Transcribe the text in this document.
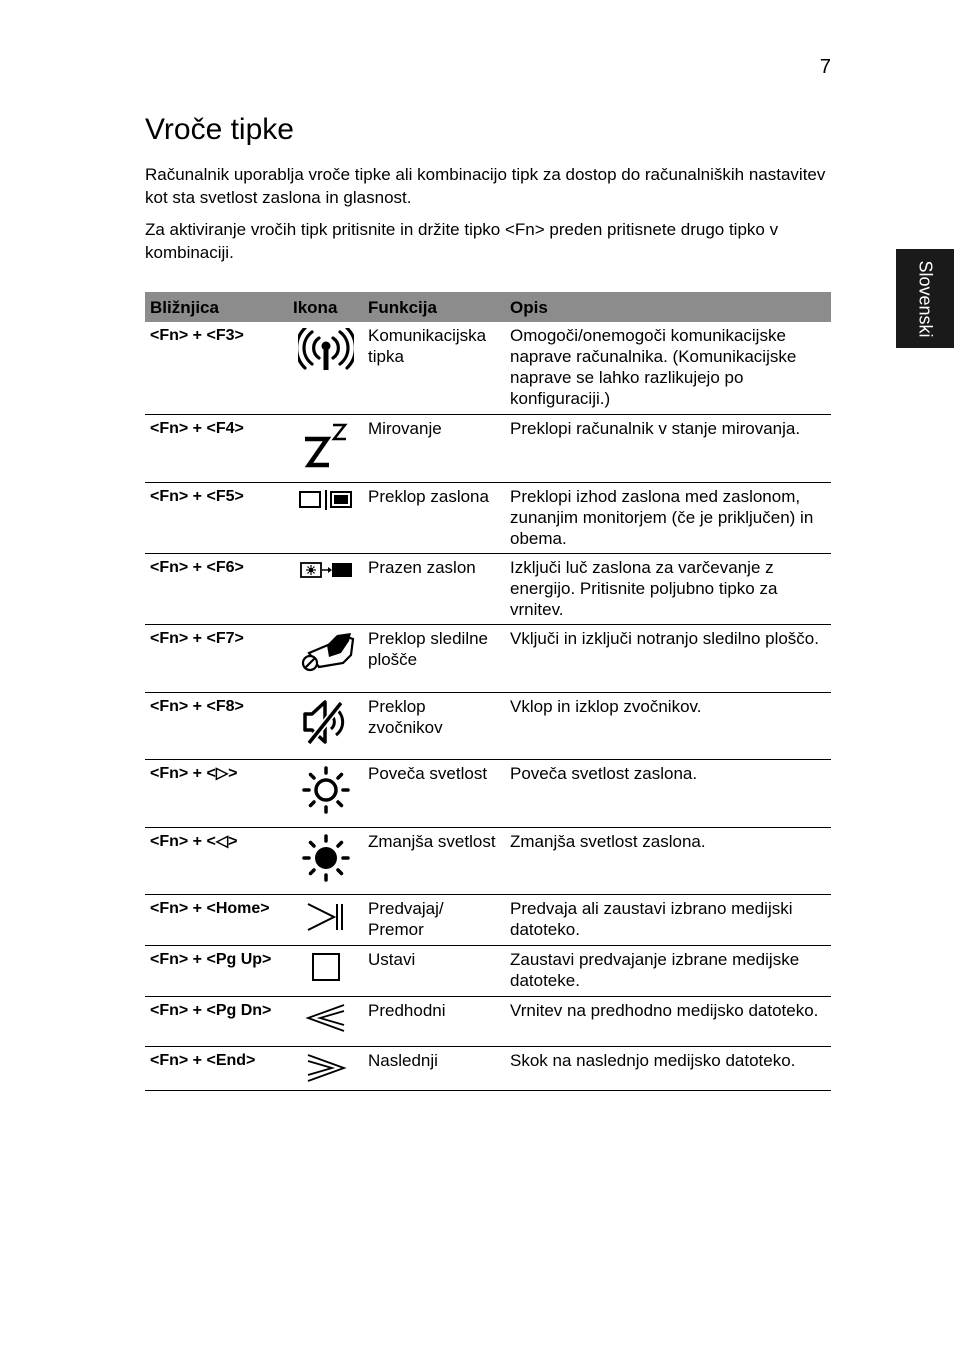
7
Slovenski
Vroče tipke

Računalnik uporablja vroče tipke ali kombinacijo tipk za dostop do računalniških nastavitev kot sta svetlost zaslona in glasnost.

Za aktiviranje vročih tipk pritisnite in držite tipko <Fn> preden pritisnete drugo tipko v kombinaciji.

Bližnjica	Ikona	Funkcija	Opis
<Fn> + <F3>		Komunikacijska tipka	Omogoči/onemogoči komunikacijske naprave računalnika. (Komunikacijske naprave se lahko razlikujejo po konfiguraciji.)
<Fn> + <F4>		Mirovanje	Preklopi računalnik v stanje mirovanja.
<Fn> + <F5>		Preklop zaslona	Preklopi izhod zaslona med zaslonom, zunanjim monitorjem (če je priključen) in obema.
<Fn> + <F6>		Prazen zaslon	Izključi luč zaslona za varčevanje z energijo. Pritisnite poljubno tipko za vrnitev.
<Fn> + <F7>		Preklop sledilne plošče	Vključi in izključi notranjo sledilno ploščo.
<Fn> + <F8>		Preklop zvočnikov	Vklop in izklop zvočnikov.
<Fn> + <▷>		Poveča svetlost	Poveča svetlost zaslona.
<Fn> + <◁>		Zmanjša svetlost	Zmanjša svetlost zaslona.
<Fn> + <Home>		Predvajaj/ Premor	Predvaja ali zaustavi izbrano medijski datoteko.
<Fn> + <Pg Up>		Ustavi	Zaustavi predvajanje izbrane medijske datoteke.
<Fn> + <Pg Dn>		Predhodni	Vrnitev na predhodno medijsko datoteko.
<Fn> + <End>		Naslednji	Skok na naslednjo medijsko datoteko.
